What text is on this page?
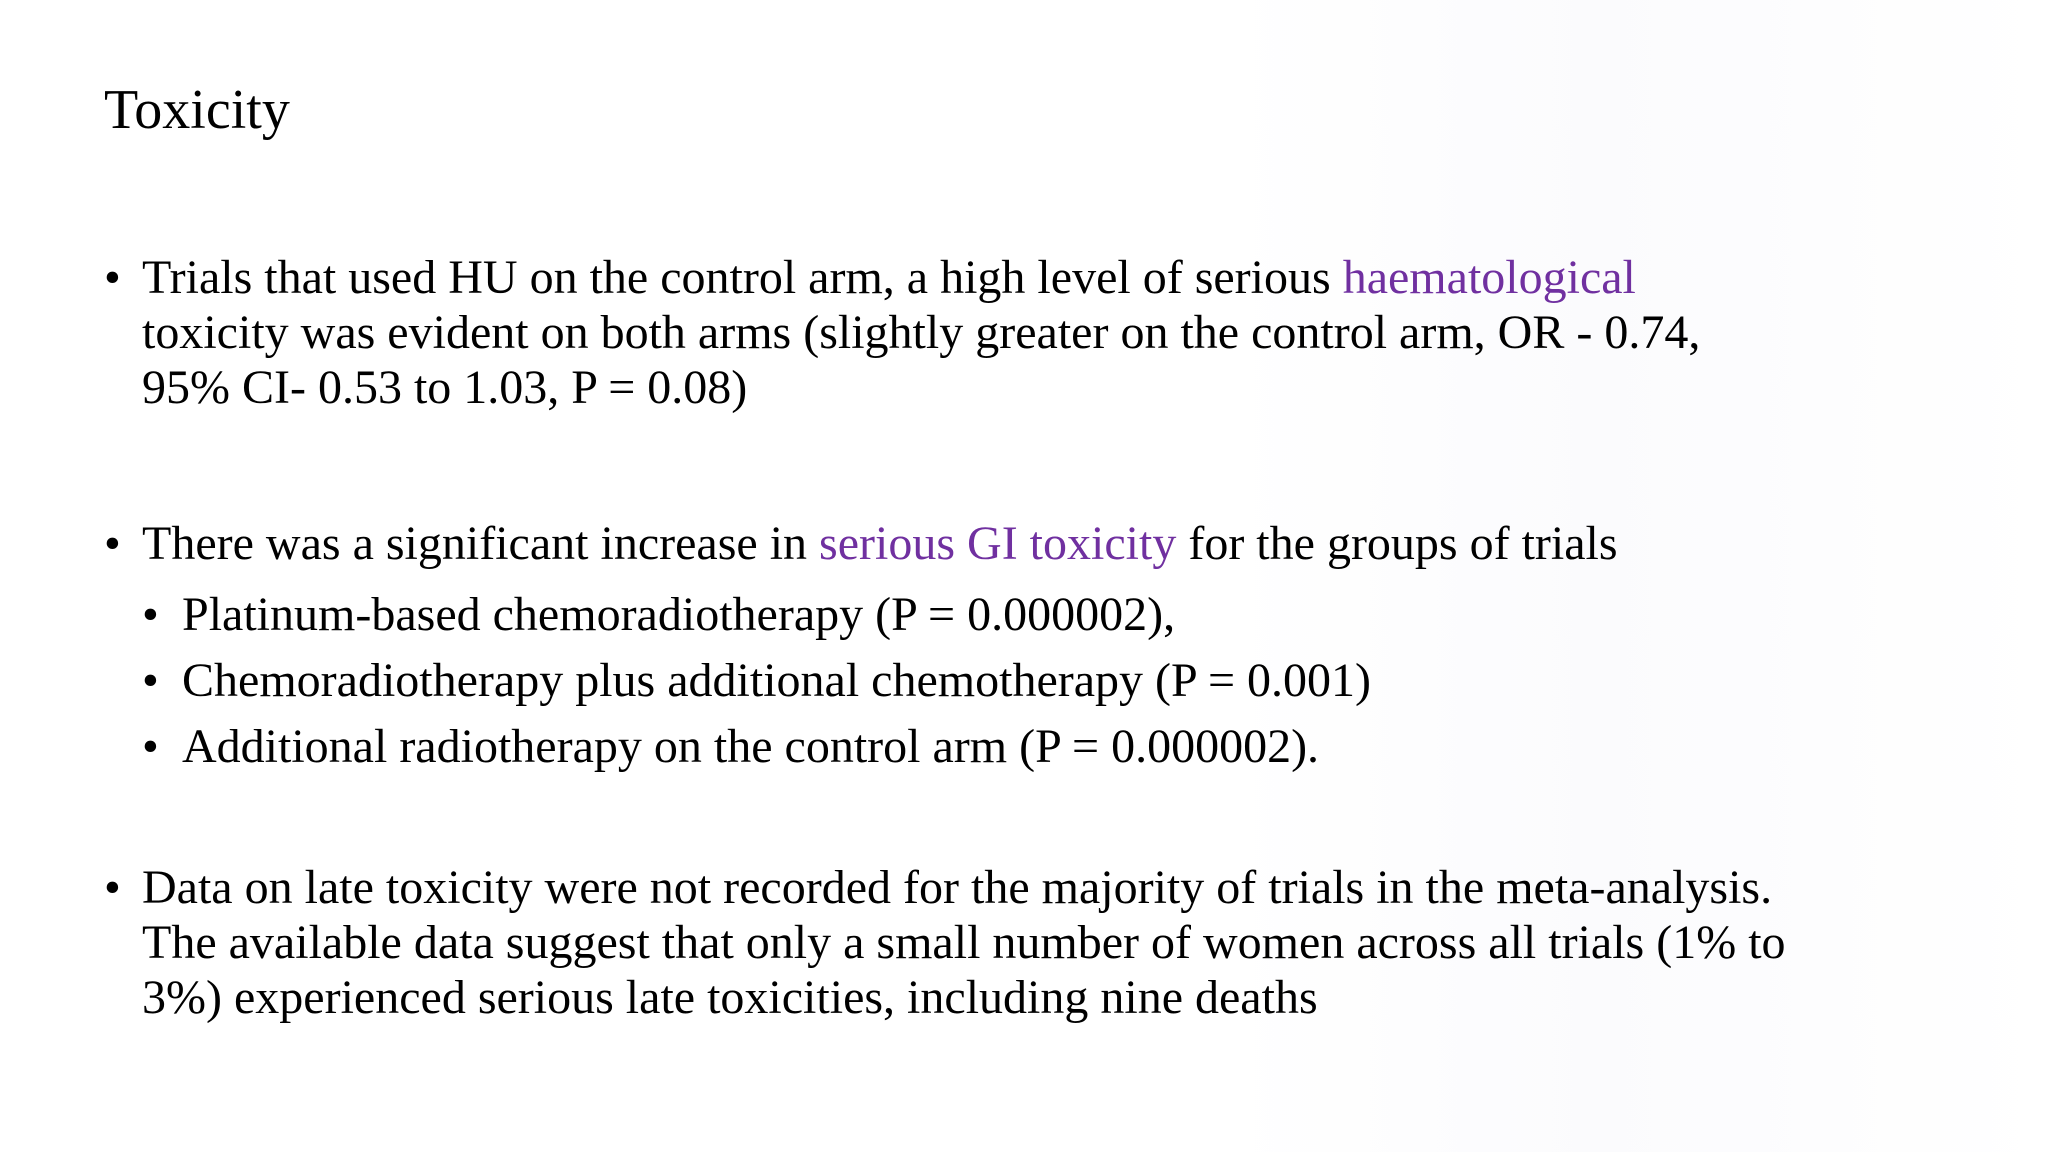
Toxicity
• Trials that used HU on the control arm, a high level of serious haematological
toxicity was evident on both arms (slightly greater on the control arm, OR - 0.74,
95% CI- 0.53 to 1.03, P = 0.08)
• There was a significant increase in serious GI toxicity for the groups of trials
• Platinum-based chemoradiotherapy (P = 0.000002),
• Chemoradiotherapy plus additional chemotherapy (P = 0.001)
• Additional radiotherapy on the control arm (P = 0.000002).
• Data on late toxicity were not recorded for the majority of trials in the meta-analysis.
The available data suggest that only a small number of women across all trials (1% to
3%) experienced serious late toxicities, including nine deaths
